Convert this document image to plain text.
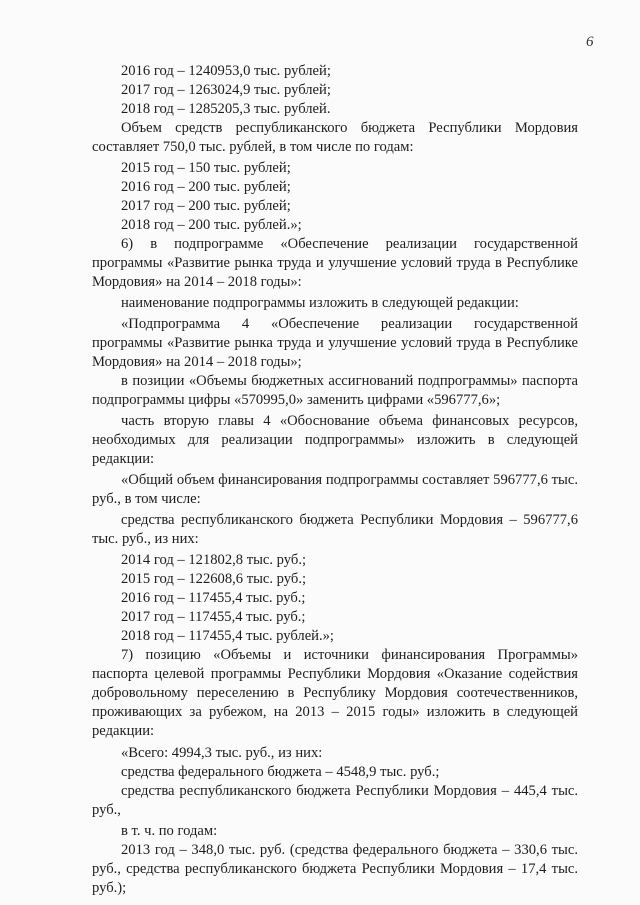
6
2016 год – 1240953,0 тыс. рублей;
2017 год – 1263024,9 тыс. рублей;
2018 год – 1285205,3 тыс. рублей.
Объем средств республиканского бюджета Республики Мордовия составляет 750,0 тыс. рублей, в том числе по годам:
2015 год – 150 тыс. рублей;
2016 год – 200 тыс. рублей;
2017 год – 200 тыс. рублей;
2018 год – 200 тыс. рублей.»;
6) в подпрограмме «Обеспечение реализации государственной программы «Развитие рынка труда и улучшение условий труда в Республике Мордовия» на 2014 – 2018 годы»:
наименование подпрограммы изложить в следующей редакции:
«Подпрограмма 4 «Обеспечение реализации государственной программы «Развитие рынка труда и улучшение условий труда в Республике Мордовия» на 2014 – 2018 годы»;
в позиции «Объемы бюджетных ассигнований подпрограммы» паспорта подпрограммы цифры «570995,0» заменить цифрами «596777,6»;
часть вторую главы 4 «Обоснование объема финансовых ресурсов, необходимых для реализации подпрограммы» изложить в следующей редакции:
«Общий объем финансирования подпрограммы составляет 596777,6 тыс. руб., в том числе:
средства республиканского бюджета Республики Мордовия – 596777,6 тыс. руб., из них:
2014 год – 121802,8 тыс. руб.;
2015 год – 122608,6 тыс. руб.;
2016 год – 117455,4 тыс. руб.;
2017 год – 117455,4 тыс. руб.;
2018 год – 117455,4 тыс. рублей.»;
7) позицию «Объемы и источники финансирования Программы» паспорта целевой программы Республики Мордовия «Оказание содействия добровольному переселению в Республику Мордовия соотечественников, проживающих за рубежом, на 2013 – 2015 годы» изложить в следующей редакции:
«Всего: 4994,3 тыс. руб., из них:
средства федерального бюджета – 4548,9 тыс. руб.;
средства республиканского бюджета Республики Мордовия – 445,4 тыс. руб.,
в т. ч. по годам:
2013 год – 348,0 тыс. руб. (средства федерального бюджета – 330,6 тыс. руб., средства республиканского бюджета Республики Мордовия – 17,4 тыс. руб.);
